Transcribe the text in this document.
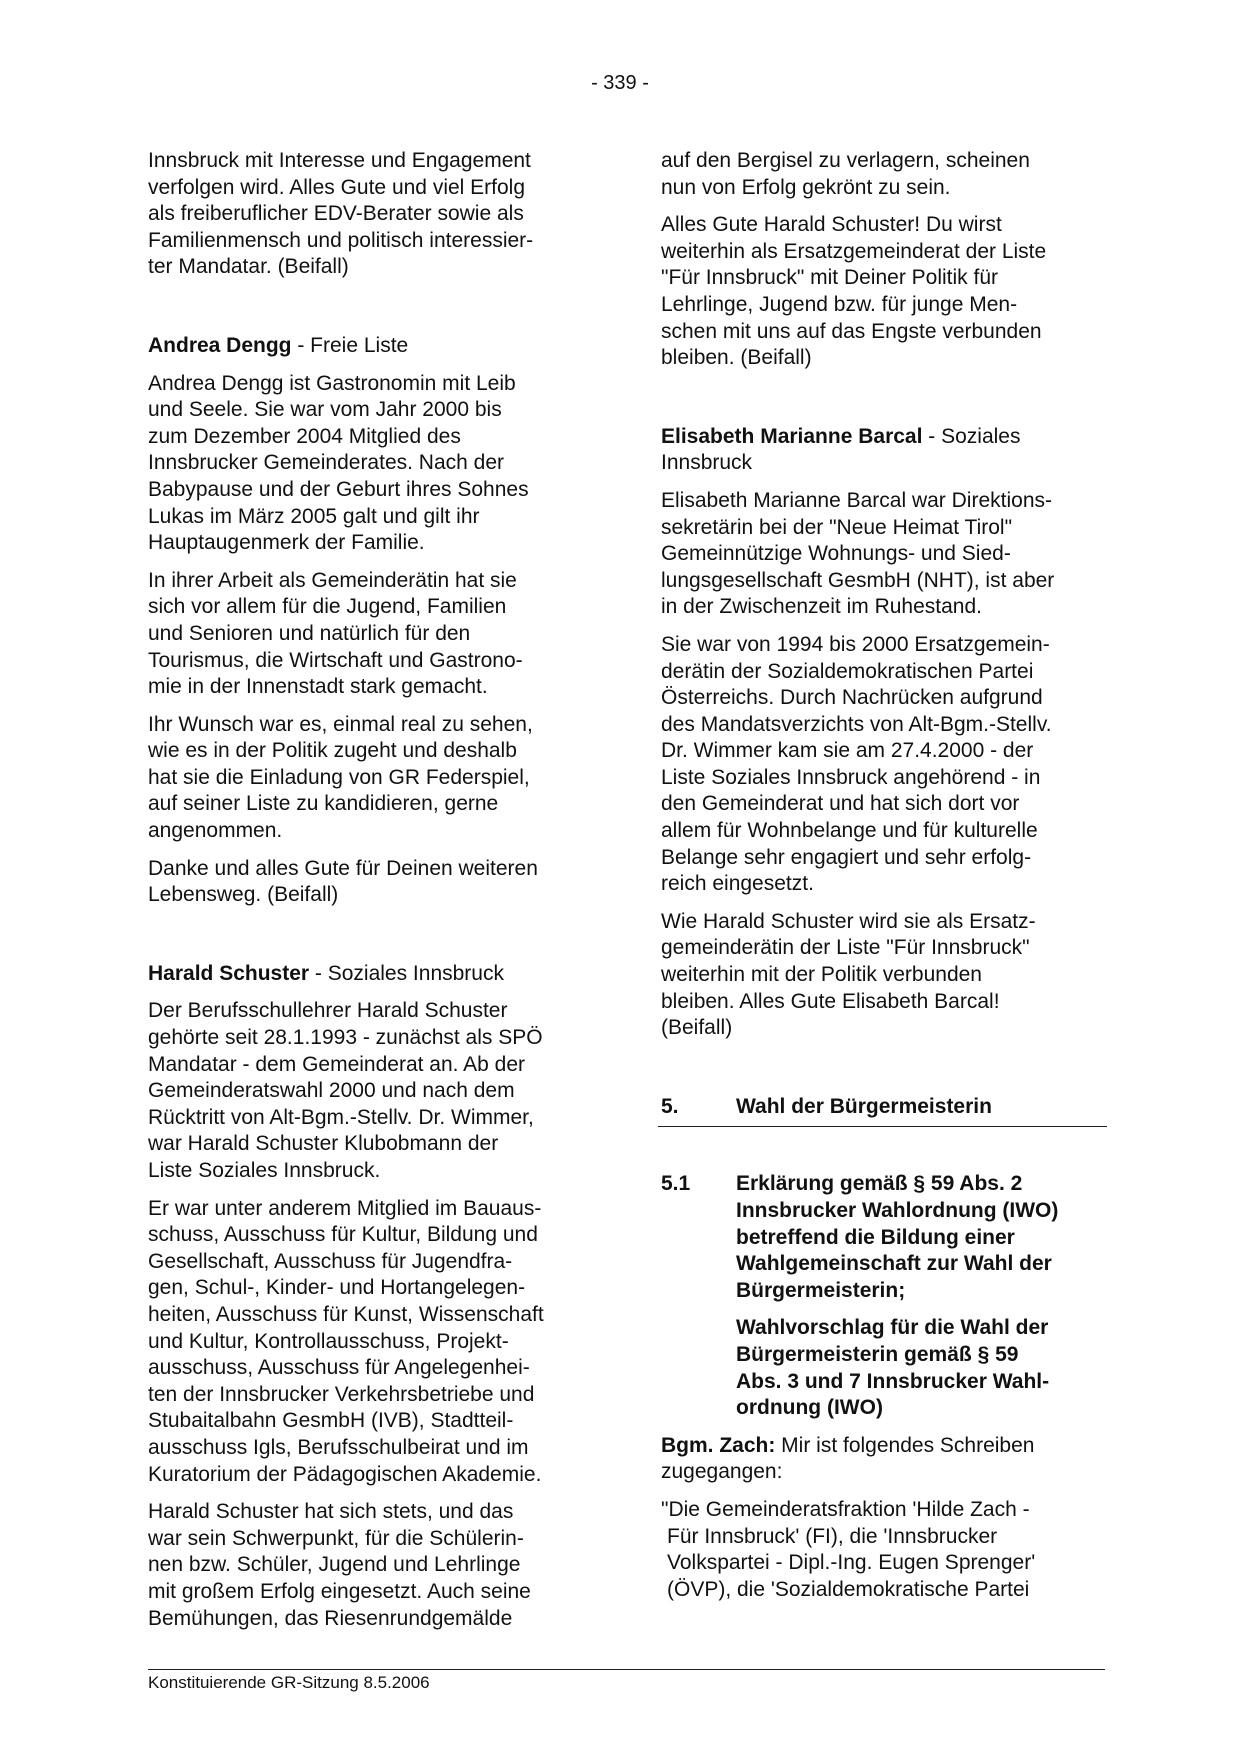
- 339 -

Innsbruck mit Interesse und Engagement
verfolgen wird. Alles Gute und viel Erfolg
als freiberuflicher EDV-Berater sowie als
Familienmensch und politisch interessier-
ter Mandatar. (Beifall)

Andrea Dengg - Freie Liste

Andrea Dengg ist Gastronomin mit Leib
und Seele. Sie war vom Jahr 2000 bis
zum Dezember 2004 Mitglied des
Innsbrucker Gemeinderates. Nach der
Babypause und der Geburt ihres Sohnes
Lukas im März 2005 galt und gilt ihr
Hauptaugenmerk der Familie.

In ihrer Arbeit als Gemeinderätin hat sie
sich vor allem für die Jugend, Familien
und Senioren und natürlich für den
Tourismus, die Wirtschaft und Gastrono-
mie in der Innenstadt stark gemacht.

Ihr Wunsch war es, einmal real zu sehen,
wie es in der Politik zugeht und deshalb
hat sie die Einladung von GR Federspiel,
auf seiner Liste zu kandidieren, gerne
angenommen.

Danke und alles Gute für Deinen weiteren
Lebensweg. (Beifall)

Harald Schuster - Soziales Innsbruck

Der Berufsschullehrer Harald Schuster
gehörte seit 28.1.1993 - zunächst als SPÖ
Mandatar - dem Gemeinderat an. Ab der
Gemeinderatswahl 2000 und nach dem
Rücktritt von Alt-Bgm.-Stellv. Dr. Wimmer,
war Harald Schuster Klubobmann der
Liste Soziales Innsbruck.

Er war unter anderem Mitglied im Bauaus-
schuss, Ausschuss für Kultur, Bildung und
Gesellschaft, Ausschuss für Jugendfra-
gen, Schul-, Kinder- und Hortangelegen-
heiten, Ausschuss für Kunst, Wissenschaft
und Kultur, Kontrollausschuss, Projekt-
ausschuss, Ausschuss für Angelegenhei-
ten der Innsbrucker Verkehrsbetriebe und
Stubaitalbahn GesmbH (IVB), Stadtteil-
ausschuss Igls, Berufsschulbeirat und im
Kuratorium der Pädagogischen Akademie.

Harald Schuster hat sich stets, und das
war sein Schwerpunkt, für die Schülerin-
nen bzw. Schüler, Jugend und Lehrlinge
mit großem Erfolg eingesetzt. Auch seine
Bemühungen, das Riesenrundgemälde

auf den Bergisel zu verlagern, scheinen
nun von Erfolg gekrönt zu sein.

Alles Gute Harald Schuster! Du wirst
weiterhin als Ersatzgemeinderat der Liste
"Für Innsbruck" mit Deiner Politik für
Lehrlinge, Jugend bzw. für junge Men-
schen mit uns auf das Engste verbunden
bleiben. (Beifall)

Elisabeth Marianne Barcal - Soziales
Innsbruck

Elisabeth Marianne Barcal war Direktions-
sekretärin bei der "Neue Heimat Tirol"
Gemeinnützige Wohnungs- und Sied-
lungsgesellschaft GesmbH (NHT), ist aber
in der Zwischenzeit im Ruhestand.

Sie war von 1994 bis 2000 Ersatzgemein-
derätin der Sozialdemokratischen Partei
Österreichs. Durch Nachrücken aufgrund
des Mandatsverzichts von Alt-Bgm.-Stellv.
Dr. Wimmer kam sie am 27.4.2000 - der
Liste Soziales Innsbruck angehörend - in
den Gemeinderat und hat sich dort vor
allem für Wohnbelange und für kulturelle
Belange sehr engagiert und sehr erfolg-
reich eingesetzt.

Wie Harald Schuster wird sie als Ersatz-
gemeinderätin der Liste "Für Innsbruck"
weiterhin mit der Politik verbunden
bleiben. Alles Gute Elisabeth Barcal!
(Beifall)

5.	Wahl der Bürgermeisterin
5.1	Erklärung gemäß § 59 Abs. 2
Innsbrucker Wahlordnung (IWO)
betreffend die Bildung einer
Wahlgemeinschaft zur Wahl der
Bürgermeisterin;

Wahlvorschlag für die Wahl der
Bürgermeisterin gemäß § 59
Abs. 3 und 7 Innsbrucker Wahl-
ordnung (IWO)

Bgm. Zach: Mir ist folgendes Schreiben
zugegangen:

"Die Gemeinderatsfraktion 'Hilde Zach -

Für Innsbruck' (FI), die 'Innsbrucker

Volkspartei - Dipl.-Ing. Eugen Sprenger'

(ÖVP), die 'Sozialdemokratische Partei

Konstituierende GR-Sitzung 8.5.2006
